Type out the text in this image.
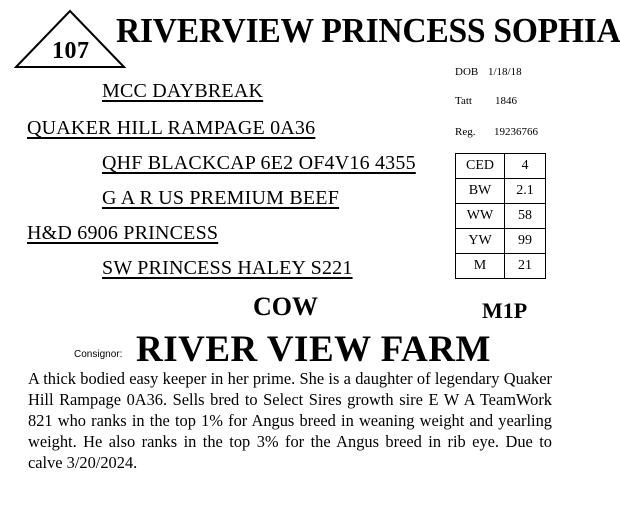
107
RIVERVIEW PRINCESS SOPHIA
DOB 1/18/18
Tatt 1846
Reg. 19236766
MCC DAYBREAK
QUAKER HILL RAMPAGE 0A36
QHF BLACKCAP 6E2 OF4V16 4355
G A R US PREMIUM BEEF
H&D 6906 PRINCESS
SW PRINCESS HALEY S221
CED	4
BW	2.1
WW	58
YW	99
M	21
COW	M1P
Consignor: RIVER VIEW FARM
A thick bodied easy keeper in her prime. She is a daughter of legendary Quaker Hill Rampage 0A36. Sells bred to Select Sires growth sire E W A TeamWork 821 who ranks in the top 1% for Angus breed in weaning weight and yearling weight. He also ranks in the top 3% for the Angus breed in rib eye. Due to calve 3/20/2024.
